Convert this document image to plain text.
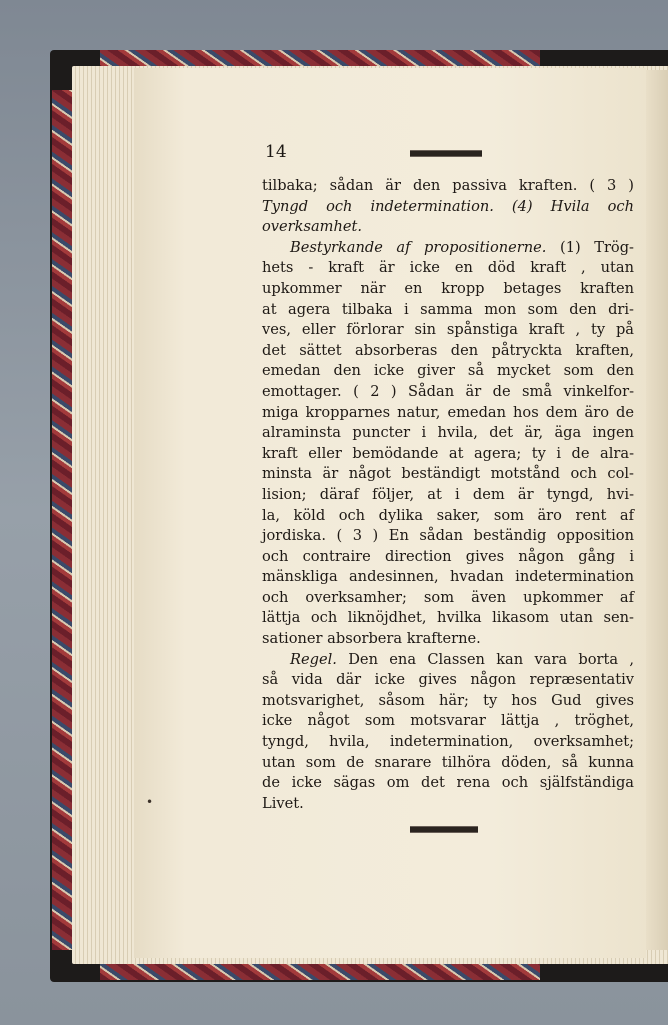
14
tilbaka; sådan är den passiva kraften. ( 3 )
Tyngd och indetermination. (4) Hvila och
overksamhet.
Bestyrkande af propositionerne. (1) Trög-
hets - kraft är icke en död kraft , utan
upkommer när en kropp betages kraften
at agera tilbaka i samma mon som den dri-
ves, eller förlorar sin spånstiga kraft , ty på
det sättet absorberas den påtryckta kraften,
emedan den icke giver så mycket som den
emottager. ( 2 ) Sådan är de små vinkelfor-
miga kropparnes natur, emedan hos dem äro de
alraminsta puncter i hvila, det är, äga ingen
kraft eller bemödande at agera; ty i de alra-
minsta är något beständigt motstånd och col-
lision; däraf följer, at i dem är tyngd, hvi-
la, köld och dylika saker, som äro rent af
jordiska. ( 3 ) En sådan beständig opposition
och contraire direction gives någon gång i
mänskliga andesinnen, hvadan indetermination
och overksamher; som även upkommer af
lättja och liknöjdhet, hvilka likasom utan sen-
sationer absorbera krafterne.
Regel. Den ena Classen kan vara borta ,
så vida där icke gives någon repræsentativ
motsvarighet, såsom här; ty hos Gud gives
icke något som motsvarar lättja , tröghet,
tyngd, hvila, indetermination, overksamhet;
utan som de snarare tilhöra döden, så kunna
de icke sägas om det rena och själfständiga
Livet.
•
